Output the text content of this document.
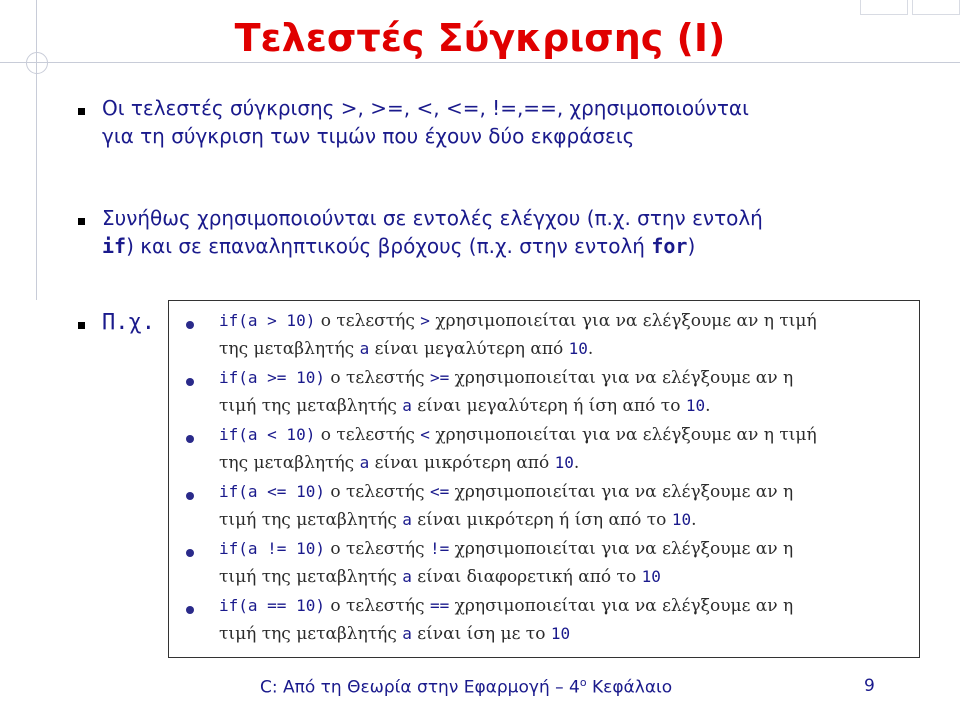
Τελεστές Σύγκρισης (Ι)
Οι τελεστές σύγκρισης >, >=, <, <=, !=,==, χρησιμοποιούνται
για τη σύγκριση των τιμών που έχουν δύο εκφράσεις
Συνήθως χρησιμοποιούνται σε εντολές ελέγχου (π.χ. στην εντολή
if) και σε επαναληπτικούς βρόχους (π.χ. στην εντολή for)
Π.χ.	if(a > 10) ο τελεστής > χρησιμοποιείται για να ελέγξουμε αν η τιμή
της μεταβλητής a είναι μεγαλύτερη από 10.
if(a >= 10) ο τελεστής >= χρησιμοποιείται για να ελέγξουμε αν η
τιμή της μεταβλητής a είναι μεγαλύτερη ή ίση από το 10.
if(a < 10) ο τελεστής < χρησιμοποιείται για να ελέγξουμε αν η τιμή
της μεταβλητής a είναι μικρότερη από 10.
if(a <= 10) ο τελεστής <= χρησιμοποιείται για να ελέγξουμε αν η
τιμή της μεταβλητής a είναι μικρότερη ή ίση από το 10.
if(a != 10) ο τελεστής != χρησιμοποιείται για να ελέγξουμε αν η
τιμή της μεταβλητής a είναι διαφορετική από το 10
if(a == 10) ο τελεστής == χρησιμοποιείται για να ελέγξουμε αν η
τιμή της μεταβλητής a είναι ίση με το 10
C: Από τη Θεωρία στην Εφαρμογή – $4^o$ Κεφάλαιο	9
